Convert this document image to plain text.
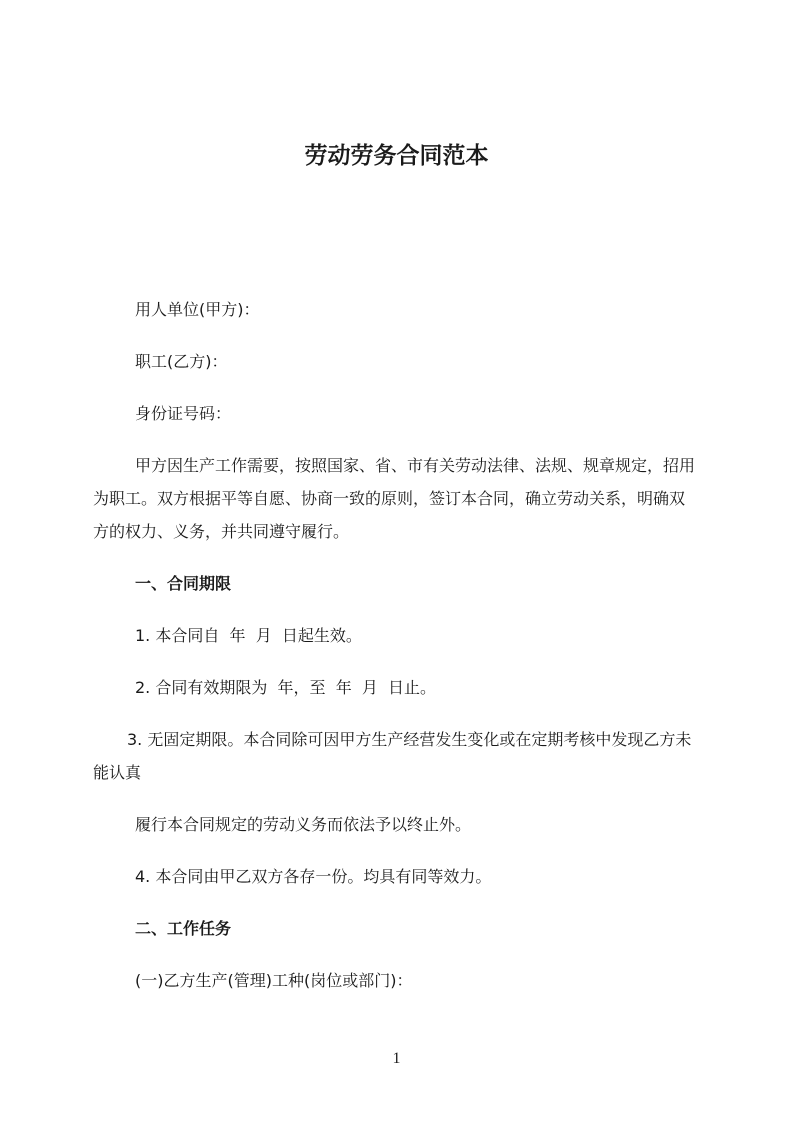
劳动劳务合同范本
用人单位(甲方)：
职工(乙方)：
身份证号码：
甲方因生产工作需要，按照国家、省、市有关劳动法律、法规、规章规定，招用
为职工。双方根据平等自愿、协商一致的原则，签订本合同，确立劳动关系，明确双
方的权力、义务，并共同遵守履行。
一、合同期限
1. 本合同自  年  月  日起生效。
2. 合同有效期限为  年，至  年  月  日止。
3. 无固定期限。本合同除可因甲方生产经营发生变化或在定期考核中发现乙方未
能认真
履行本合同规定的劳动义务而依法予以终止外。
4. 本合同由甲乙双方各存一份。均具有同等效力。
二、工作任务
(一)乙方生产(管理)工种(岗位或部门)：
1
